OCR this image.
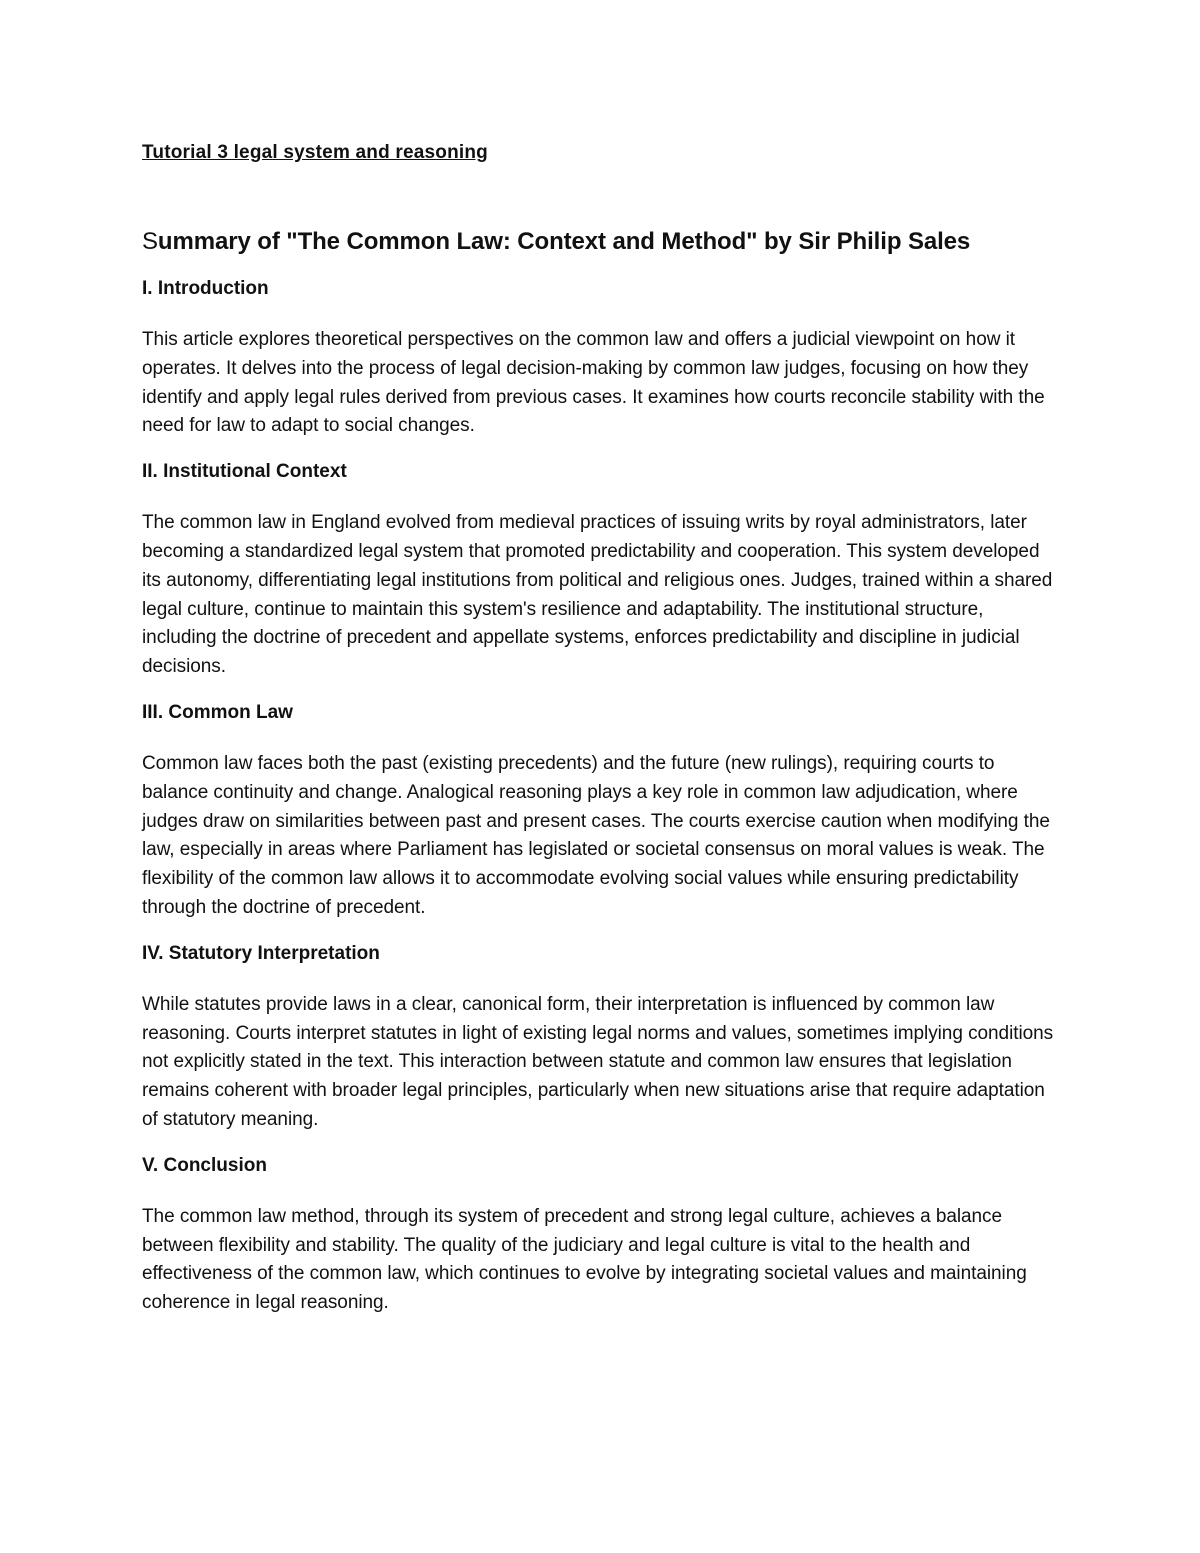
Tutorial 3 legal system and reasoning

Summary of "The Common Law: Context and Method" by Sir Philip Sales
I. Introduction

This article explores theoretical perspectives on the common law and offers a judicial viewpoint on how it operates. It delves into the process of legal decision-making by common law judges, focusing on how they identify and apply legal rules derived from previous cases. It examines how courts reconcile stability with the need for law to adapt to social changes.

II. Institutional Context

The common law in England evolved from medieval practices of issuing writs by royal administrators, later becoming a standardized legal system that promoted predictability and cooperation. This system developed its autonomy, differentiating legal institutions from political and religious ones. Judges, trained within a shared legal culture, continue to maintain this system's resilience and adaptability. The institutional structure, including the doctrine of precedent and appellate systems, enforces predictability and discipline in judicial decisions.

III. Common Law

Common law faces both the past (existing precedents) and the future (new rulings), requiring courts to balance continuity and change. Analogical reasoning plays a key role in common law adjudication, where judges draw on similarities between past and present cases. The courts exercise caution when modifying the law, especially in areas where Parliament has legislated or societal consensus on moral values is weak. The flexibility of the common law allows it to accommodate evolving social values while ensuring predictability through the doctrine of precedent.

IV. Statutory Interpretation

While statutes provide laws in a clear, canonical form, their interpretation is influenced by common law reasoning. Courts interpret statutes in light of existing legal norms and values, sometimes implying conditions not explicitly stated in the text. This interaction between statute and common law ensures that legislation remains coherent with broader legal principles, particularly when new situations arise that require adaptation of statutory meaning.

V. Conclusion

The common law method, through its system of precedent and strong legal culture, achieves a balance between flexibility and stability. The quality of the judiciary and legal culture is vital to the health and effectiveness of the common law, which continues to evolve by integrating societal values and maintaining coherence in legal reasoning.
